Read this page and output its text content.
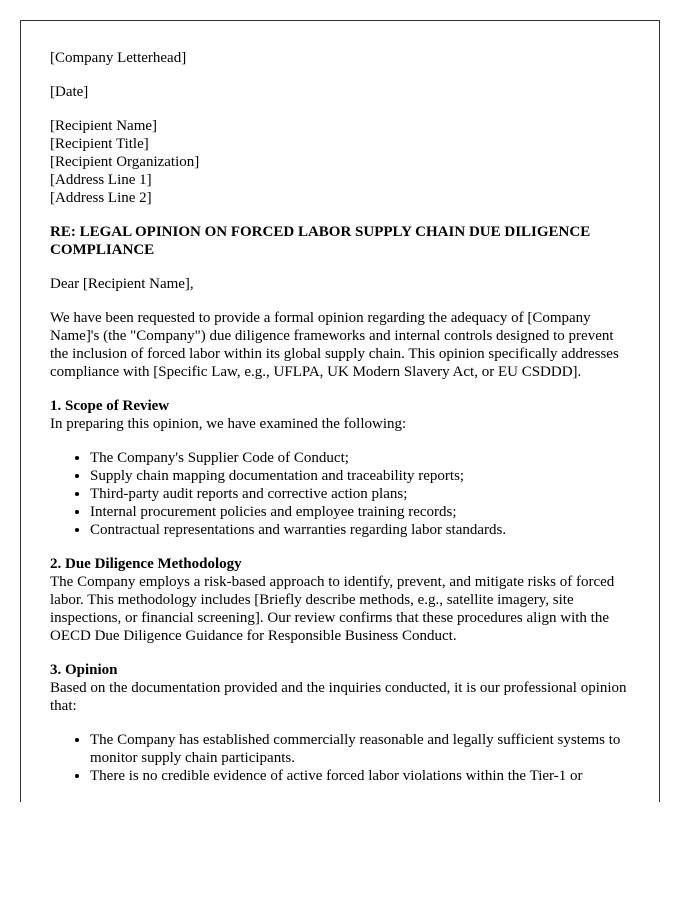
[Company Letterhead]

[Date]

[Recipient Name]
[Recipient Title]
[Recipient Organization]
[Address Line 1]
[Address Line 2]

RE: LEGAL OPINION ON FORCED LABOR SUPPLY CHAIN DUE DILIGENCE COMPLIANCE

Dear [Recipient Name],

We have been requested to provide a formal opinion regarding the adequacy of [Company Name]'s (the "Company") due diligence frameworks and internal controls designed to prevent the inclusion of forced labor within its global supply chain. This opinion specifically addresses compliance with [Specific Law, e.g., UFLPA, UK Modern Slavery Act, or EU CSDDD].

1. Scope of Review

In preparing this opinion, we have examined the following:

• The Company's Supplier Code of Conduct;
• Supply chain mapping documentation and traceability reports;
• Third-party audit reports and corrective action plans;
• Internal procurement policies and employee training records;
• Contractual representations and warranties regarding labor standards.
2. Due Diligence Methodology

The Company employs a risk-based approach to identify, prevent, and mitigate risks of forced labor. This methodology includes [Briefly describe methods, e.g., satellite imagery, site inspections, or financial screening]. Our review confirms that these procedures align with the OECD Due Diligence Guidance for Responsible Business Conduct.

3. Opinion

Based on the documentation provided and the inquiries conducted, it is our professional opinion that:

• The Company has established commercially reasonable and legally sufficient systems to monitor supply chain participants.
• There is no credible evidence of active forced labor violations within the Tier-1 or
